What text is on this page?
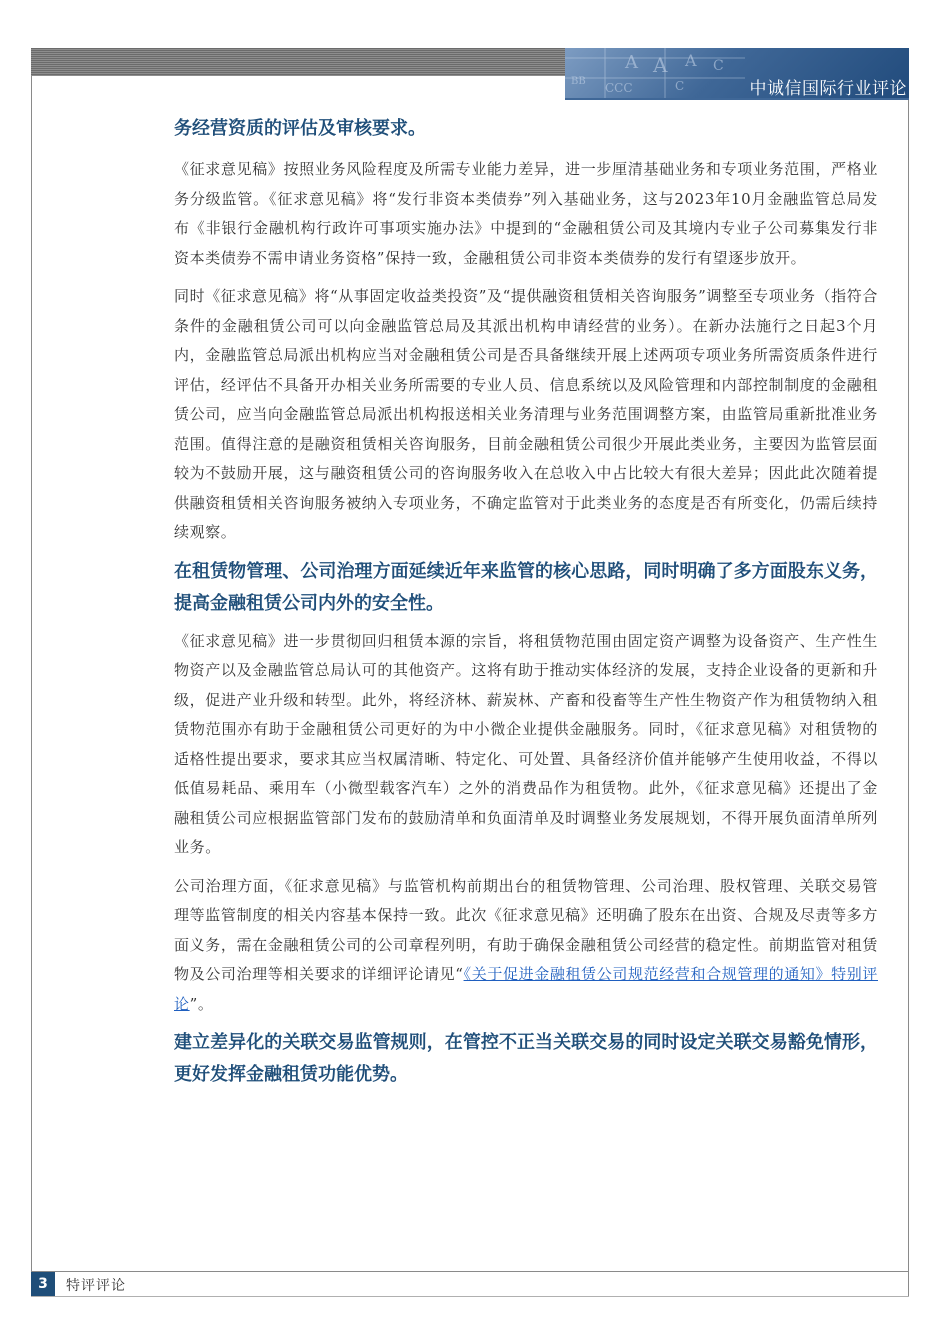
A A A C
BB CCC	C	中诚信国际行业评论

务经营资质的评估及审核要求。

《征求意见稿》按照业务风险程度及所需专业能力差异，进一步厘清基础业务和专项业务范围，严格业务分级监管。《征求意见稿》将“发行非资本类债券”列入基础业务，这与2023年10月金融监管总局发布《非银行金融机构行政许可事项实施办法》中提到的“金融租赁公司及其境内专业子公司募集发行非资本类债券不需申请业务资格”保持一致，金融租赁公司非资本类债券的发行有望逐步放开。

同时《征求意见稿》将“从事固定收益类投资”及“提供融资租赁相关咨询服务”调整至专项业务（指符合条件的金融租赁公司可以向金融监管总局及其派出机构申请经营的业务）。在新办法施行之日起3个月内，金融监管总局派出机构应当对金融租赁公司是否具备继续开展上述两项专项业务所需资质条件进行评估，经评估不具备开办相关业务所需要的专业人员、信息系统以及风险管理和内部控制制度的金融租赁公司，应当向金融监管总局派出机构报送相关业务清理与业务范围调整方案，由监管局重新批准业务范围。值得注意的是融资租赁相关咨询服务，目前金融租赁公司很少开展此类业务，主要因为监管层面较为不鼓励开展，这与融资租赁公司的咨询服务收入在总收入中占比较大有很大差异；因此此次随着提供融资租赁相关咨询服务被纳入专项业务，不确定监管对于此类业务的态度是否有所变化，仍需后续持续观察。

在租赁物管理、公司治理方面延续近年来监管的核心思路，同时明确了多方面股东义务，提高金融租赁公司内外的安全性。

《征求意见稿》进一步贯彻回归租赁本源的宗旨，将租赁物范围由固定资产调整为设备资产、生产性生物资产以及金融监管总局认可的其他资产。这将有助于推动实体经济的发展，支持企业设备的更新和升级，促进产业升级和转型。此外，将经济林、薪炭林、产畜和役畜等生产性生物资产作为租赁物纳入租赁物范围亦有助于金融租赁公司更好的为中小微企业提供金融服务。同时，《征求意见稿》对租赁物的适格性提出要求，要求其应当权属清晰、特定化、可处置、具备经济价值并能够产生使用收益，不得以低值易耗品、乘用车（小微型载客汽车）之外的消费品作为租赁物。此外，《征求意见稿》还提出了金融租赁公司应根据监管部门发布的鼓励清单和负面清单及时调整业务发展规划，不得开展负面清单所列业务。

公司治理方面，《征求意见稿》与监管机构前期出台的租赁物管理、公司治理、股权管理、关联交易管理等监管制度的相关内容基本保持一致。此次《征求意见稿》还明确了股东在出资、合规及尽责等多方面义务，需在金融租赁公司的公司章程列明，有助于确保金融租赁公司经营的稳定性。前期监管对租赁物及公司治理等相关要求的详细评论请见“《关于促进金融租赁公司规范经营和合规管理的通知》特别评论”。

建立差异化的关联交易监管规则，在管控不正当关联交易的同时设定关联交易豁免情形，更好发挥金融租赁功能优势。

3	特评评论
